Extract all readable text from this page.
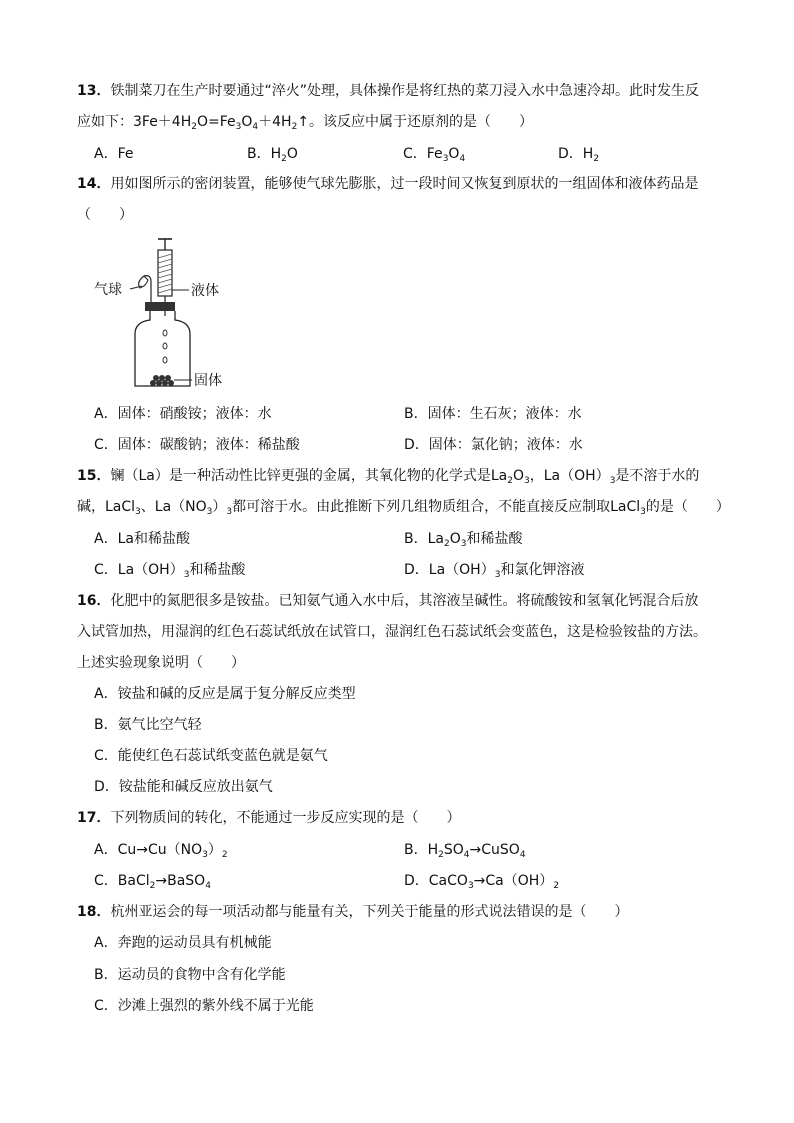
13．铁制菜刀在生产时要通过“淬火”处理，具体操作是将红热的菜刀浸入水中急速冷却。此时发生反
应如下：$3Fe+4H_2O=Fe_3O_4+4H_2↑$。该反应中属于还原剂的是（　　）
A．Fe	B．$H_2O$	C．$Fe_3O_4$	D．$H_2$
14．用如图所示的密闭装置，能够使气球先膨胀，过一段时间又恢复到原状的一组固体和液体药品是
（　　）
气球	液体
固体
A．固体：硝酸铵；液体：水	B．固体：生石灰；液体：水
C．固体：碳酸钠；液体：稀盐酸	D．固体：氯化钠；液体：水
15．镧（La）是一种活动性比锌更强的金属，其氧化物的化学式是$La_2O_3$，$La(OH)_3$是不溶于水的
碱，LaCl$_3$、$La(NO_3)_3$都可溶于水。由此推断下列几组物质组合，不能直接反应制取LaCl$_3$的是（　　）
A．La和稀盐酸	B．$La_2O_3$和稀盐酸
C．$La(OH)_3$和稀盐酸	D．$La(OH)_3$和氯化钾溶液
16．化肥中的氮肥很多是铵盐。已知氨气通入水中后，其溶液呈碱性。将硫酸铵和氢氧化钙混合后放
入试管加热，用湿润的红色石蕊试纸放在试管口，湿润红色石蕊试纸会变蓝色，这是检验铵盐的方法。
上述实验现象说明（　　）
A．铵盐和碱的反应是属于复分解反应类型
B．氨气比空气轻
C．能使红色石蕊试纸变蓝色就是氨气
D．铵盐能和碱反应放出氨气
17．下列物质间的转化，不能通过一步反应实现的是（　　）
A．$Cu\to Cu(NO_3)_2$	B．$H_2SO_4\to CuSO_4$
C．BaCl$_2$→BaSO$_4$	D．$CaCO_3\to Ca(OH)_2$
18．杭州亚运会的每一项活动都与能量有关，下列关于能量的形式说法错误的是（　　）
A．奔跑的运动员具有机械能
B．运动员的食物中含有化学能
C．沙滩上强烈的紫外线不属于光能
